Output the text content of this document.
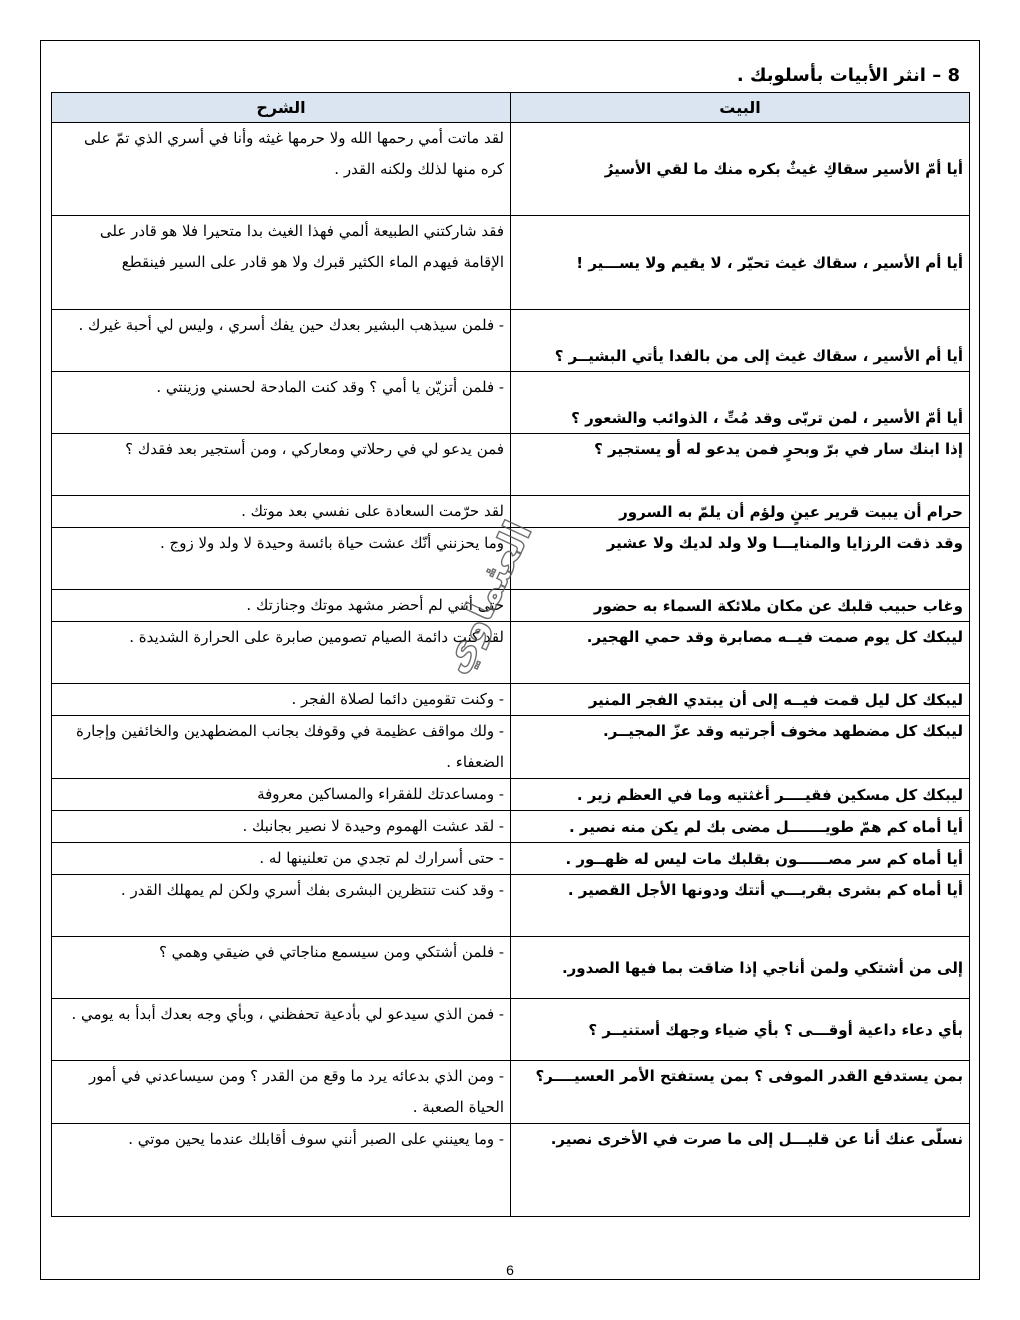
8 – انثر الأبيات بأسلوبك .
البيت	الشرح
أيا أمّ الأسير سقاكِ غيثٌ بكره منك ما لقي الأسيرُ	لقد ماتت أمي رحمها الله ولا حرمها غيثه وأنا في أسري الذي تمّ على كره منها لذلك ولكنه القدر .
أيا أم الأسير ، سقاك غيث تحيّر ، لا يقيم ولا يســـير !	فقد شاركتني الطبيعة ألمي فهذا الغيث بدا متحيرا فلا هو قادر على الإقامة فيهدم الماء الكثير قبرك ولا هو قادر على السير فينقطع
أيا أم الأسير ، سقاك غيث إلى من بالفدا يأتي البشيــر ؟	- فلمن سيذهب البشير بعدك حين يفك أسري ، وليس لي أحبة غيرك .
أيا أمّ الأسير ، لمن تربّى وقد مُتِّ ، الذوائب والشعور ؟	- فلمن أتزيّن يا أمي ؟ وقد كنت المادحة لحسني وزينتي .
إذا ابنك سار في برّ وبحرٍ فمن يدعو له أو يستجير ؟	فمن يدعو لي في رحلاتي ومعاركي ، ومن أستجير بعد فقدك ؟
حرام أن يبيت قرير عينٍ ولؤم أن يلمّ به السرور	لقد حرّمت السعادة على نفسي بعد موتك .
وقد ذقت الرزايا والمنايـــا ولا ولد لديك ولا عشير	وما يحزنني أنّك عشت حياة بائسة وحيدة لا ولد ولا زوج .
وغاب حبيب قلبك عن مكان ملائكة السماء به حضور	حتى أنني لم أحضر مشهد موتك وجنازتك .
ليبكك كل يوم صمت فيــه مصابرة وقد حمي الهجير.	لقد كنت دائمة الصيام تصومين صابرة على الحرارة الشديدة .
ليبكك كل ليل قمت فيــه إلى أن يبتدي الفجر المنير	- وكنت تقومين دائما لصلاة الفجر .
ليبكك كل مضطهد مخوف أجرتيه وقد عزّ المجيــر.	- ولك مواقف عظيمة في وقوفك بجانب المضطهدين والخائفين وإجارة الضعفاء .
ليبكك كل مسكين فقيــــر أغثتيه وما في العظم زير .	- ومساعدتك للفقراء والمساكين معروفة
أيا أماه كم همّ طويـــــــل مضى بك لم يكن منه نصير .	- لقد عشت الهموم وحيدة لا نصير بجانبك .
أيا أماه كم سر مصــــــون بقلبك مات ليس له ظهــور .	- حتى أسرارك لم تجدي من تعلنينها له .
أيا أماه كم بشرى بقربـــي أتتك ودونها الأجل القصير .	- وقد كنت تنتظرين البشرى بفك أسري ولكن لم يمهلك القدر .
إلى من أشتكي ولمن أناجي إذا ضاقت بما فيها الصدور.	- فلمن أشتكي ومن سيسمع مناجاتي في ضيقي وهمي ؟
بأي دعاء داعية أوقـــى ؟ بأي ضياء وجهك أستنيــر ؟	- فمن الذي سيدعو لي بأدعية تحفظني ، وبأي وجه بعدك أبدأ به يومي .
بمن يستدفع القدر الموفى ؟ بمن يستفتح الأمر العسيــــر؟	- ومن الذي بدعائه يرد ما وقع من القدر ؟ ومن سيساعدني في أمور الحياة الصعبة .
نسلّى عنك أنا عن قليـــل إلى ما صرت في الأخرى نصير.	- وما يعينني على الصبر أنني سوف أقابلك عندما يحين موتي .
العثماوي
6
